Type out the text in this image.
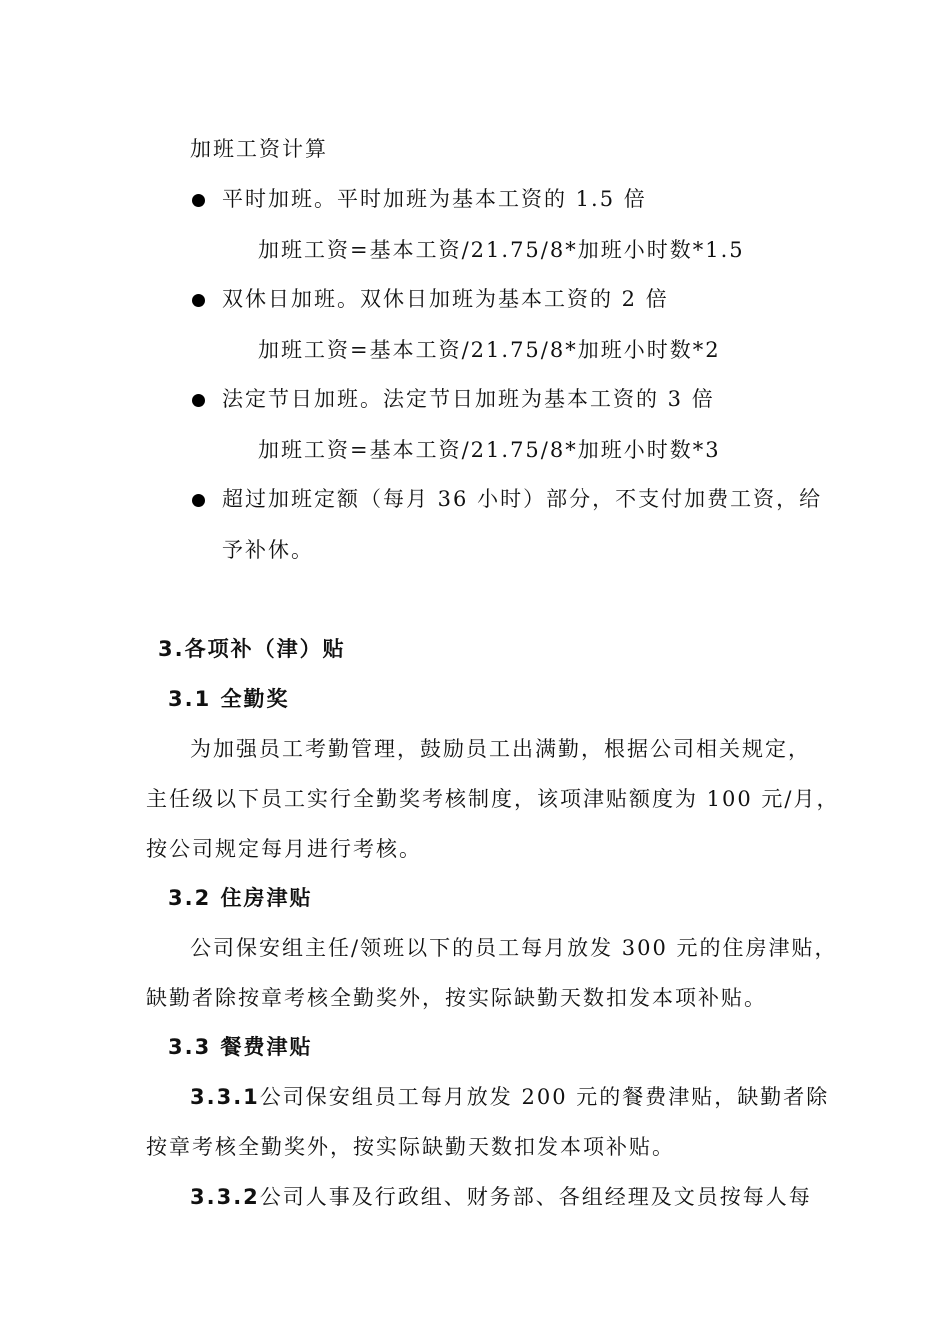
加班工资计算
平时加班。平时加班为基本工资的 1.5 倍
加班工资=基本工资/21.75/8*加班小时数*1.5
双休日加班。双休日加班为基本工资的 2 倍
加班工资=基本工资/21.75/8*加班小时数*2
法定节日加班。法定节日加班为基本工资的 3 倍
加班工资=基本工资/21.75/8*加班小时数*3
超过加班定额（每月 36 小时）部分，不支付加费工资，给
予补休。
3.各项补（津）贴
3.1 全勤奖
为加强员工考勤管理，鼓励员工出满勤，根据公司相关规定，
主任级以下员工实行全勤奖考核制度，该项津贴额度为 100 元/月，
按公司规定每月进行考核。
3.2 住房津贴
公司保安组主任/领班以下的员工每月放发 300 元的住房津贴，
缺勤者除按章考核全勤奖外，按实际缺勤天数扣发本项补贴。
3.3 餐费津贴
3.3.1公司保安组员工每月放发 200 元的餐费津贴，缺勤者除
按章考核全勤奖外，按实际缺勤天数扣发本项补贴。
3.3.2公司人事及行政组、财务部、各组经理及文员按每人每
